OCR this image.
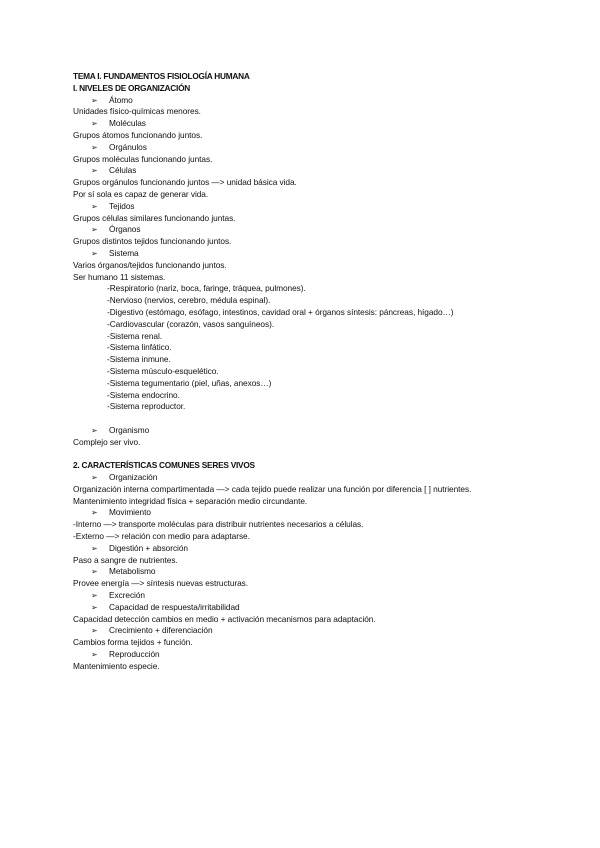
TEMA I. FUNDAMENTOS FISIOLOGÍA HUMANA
I. NIVELES DE ORGANIZACIÓN
➢ Átomo
Unidades físico-químicas menores.
➢ Moléculas
Grupos átomos funcionando juntos.
➢ Orgánulos
Grupos moléculas funcionando juntas.
➢ Células
Grupos orgánulos funcionando juntos —> unidad básica vida.
Por sí sola es capaz de generar vida.
➢ Tejidos
Grupos células similares funcionando juntas.
➢ Órganos
Grupos distintos tejidos funcionando juntos.
➢ Sistema
Varios órganos/tejidos funcionando juntos.
Ser humano 11 sistemas.
-Respiratorio (nariz, boca, faringe, tráquea, pulmones).
-Nervioso (nervios, cerebro, médula espinal).
-Digestivo (estómago, esófago, intestinos, cavidad oral + órganos síntesis: páncreas, hígado…)
-Cardiovascular (corazón, vasos sanguíneos).
-Sistema renal.
-Sistema linfático.
-Sistema inmune.
-Sistema músculo-esquelético.
-Sistema tegumentario (piel, uñas, anexos…)
-Sistema endocrino.
-Sistema reproductor.
➢ Organismo
Complejo ser vivo.
2. CARACTERÍSTICAS COMUNES SERES VIVOS
➢ Organización
Organización interna compartimentada —> cada tejido puede realizar una función por diferencia [ ] nutrientes.
Mantenimiento integridad física + separación medio circundante.
➢ Movimiento
-Interno —> transporte moléculas para distribuir nutrientes necesarios a células.
-Externo —> relación con medio para adaptarse.
➢ Digestión + absorción
Paso a sangre de nutrientes.
➢ Metabolismo
Provee energía —> síntesis nuevas estructuras.
➢ Excreción
➢ Capacidad de respuesta/irritabilidad
Capacidad detección cambios en medio + activación mecanismos para adaptación.
➢ Crecimiento + diferenciación
Cambios forma tejidos + función.
➢ Reproducción
Mantenimiento especie.
